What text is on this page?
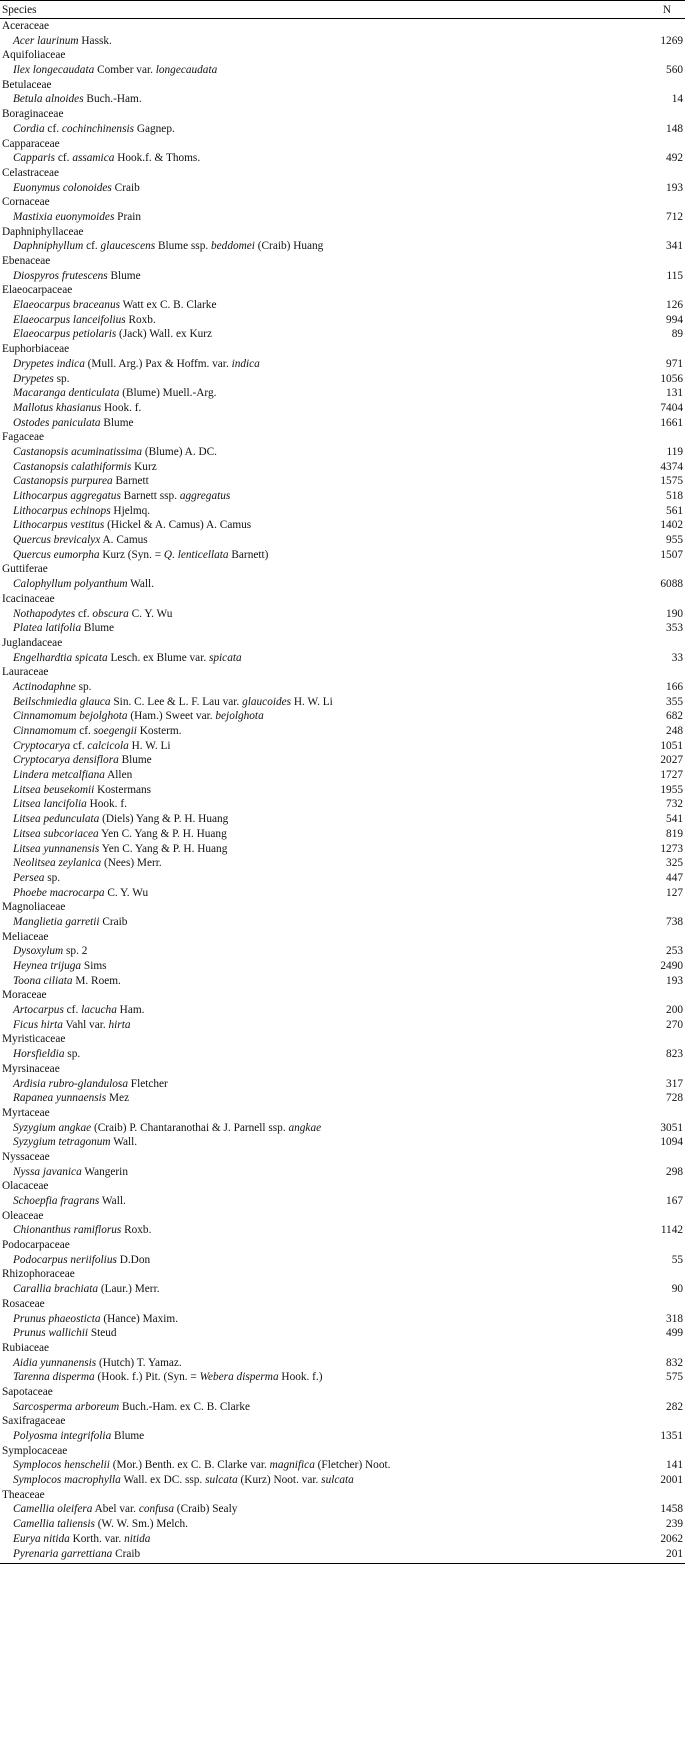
Species	N
Aceraceae
Acer laurinum Hassk.	1269
Aquifoliaceae
Ilex longecaudata Comber var. longecaudata	560
Betulaceae
Betula alnoides Buch.-Ham.	14
Boraginaceae
Cordia cf. cochinchinensis Gagnep.	148
Capparaceae
Capparis cf. assamica Hook.f. & Thoms.	492
Celastraceae
Euonymus colonoides Craib	193
Cornaceae
Mastixia euonymoides Prain	712
Daphniphyllaceae
Daphniphyllum cf. glaucescens Blume ssp. beddomei (Craib) Huang	341
Ebenaceae
Diospyros frutescens Blume	115
Elaeocarpaceae
Elaeocarpus braceanus Watt ex C. B. Clarke	126
Elaeocarpus lanceifolius Roxb.	994
Elaeocarpus petiolaris (Jack) Wall. ex Kurz	89
Euphorbiaceae
Drypetes indica (Mull. Arg.) Pax & Hoffm. var. indica	971
Drypetes sp.	1056
Macaranga denticulata (Blume) Muell.-Arg.	131
Mallotus khasianus Hook. f.	7404
Ostodes paniculata Blume	1661
Fagaceae
Castanopsis acuminatissima (Blume) A. DC.	119
Castanopsis calathiformis Kurz	4374
Castanopsis purpurea Barnett	1575
Lithocarpus aggregatus Barnett ssp. aggregatus	518
Lithocarpus echinops Hjelmq.	561
Lithocarpus vestitus (Hickel & A. Camus) A. Camus	1402
Quercus brevicalyx A. Camus	955
Quercus eumorpha Kurz (Syn. = Q. lenticellata Barnett)	1507
Guttiferae
Calophyllum polyanthum Wall.	6088
Icacinaceae
Nothapodytes cf. obscura C. Y. Wu	190
Platea latifolia Blume	353
Juglandaceae
Engelhardtia spicata Lesch. ex Blume var. spicata	33
Lauraceae
Actinodaphne sp.	166
Beilschmiedia glauca Sin. C. Lee & L. F. Lau var. glaucoides H. W. Li	355
Cinnamomum bejolghota (Ham.) Sweet var. bejolghota	682
Cinnamomum cf. soegengii Kosterm.	248
Cryptocarya cf. calcicola H. W. Li	1051
Cryptocarya densiflora Blume	2027
Lindera metcalfiana Allen	1727
Litsea beusekomii Kostermans	1955
Litsea lancifolia Hook. f.	732
Litsea pedunculata (Diels) Yang & P. H. Huang	541
Litsea subcoriacea Yen C. Yang & P. H. Huang	819
Litsea yunnanensis Yen C. Yang & P. H. Huang	1273
Neolitsea zeylanica (Nees) Merr.	325
Persea sp.	447
Phoebe macrocarpa C. Y. Wu	127
Magnoliaceae
Manglietia garretii Craib	738
Meliaceae
Dysoxylum sp. 2	253
Heynea trijuga Sims	2490
Toona ciliata M. Roem.	193
Moraceae
Artocarpus cf. lacucha Ham.	200
Ficus hirta Vahl var. hirta	270
Myristicaceae
Horsfieldia sp.	823
Myrsinaceae
Ardisia rubro-glandulosa Fletcher	317
Rapanea yunnaensis Mez	728
Myrtaceae
Syzygium angkae (Craib) P. Chantaranothai & J. Parnell ssp. angkae	3051
Syzygium tetragonum Wall.	1094
Nyssaceae
Nyssa javanica Wangerin	298
Olacaceae
Schoepfia fragrans Wall.	167
Oleaceae
Chionanthus ramiflorus Roxb.	1142
Podocarpaceae
Podocarpus neriifolius D.Don	55
Rhizophoraceae
Carallia brachiata (Laur.) Merr.	90
Rosaceae
Prunus phaeosticta (Hance) Maxim.	318
Prunus wallichii Steud	499
Rubiaceae
Aidia yunnanensis (Hutch) T. Yamaz.	832
Tarenna disperma (Hook. f.) Pit. (Syn. = Webera disperma Hook. f.)	575
Sapotaceae
Sarcosperma arboreum Buch.-Ham. ex C. B. Clarke	282
Saxifragaceae
Polyosma integrifolia Blume	1351
Symplocaceae
Symplocos henschelii (Mor.) Benth. ex C. B. Clarke var. magnifica (Fletcher) Noot.	141
Symplocos macrophylla Wall. ex DC. ssp. sulcata (Kurz) Noot. var. sulcata	2001
Theaceae
Camellia oleifera Abel var. confusa (Craib) Sealy	1458
Camellia taliensis (W. W. Sm.) Melch.	239
Eurya nitida Korth. var. nitida	2062
Pyrenaria garrettiana Craib	201
